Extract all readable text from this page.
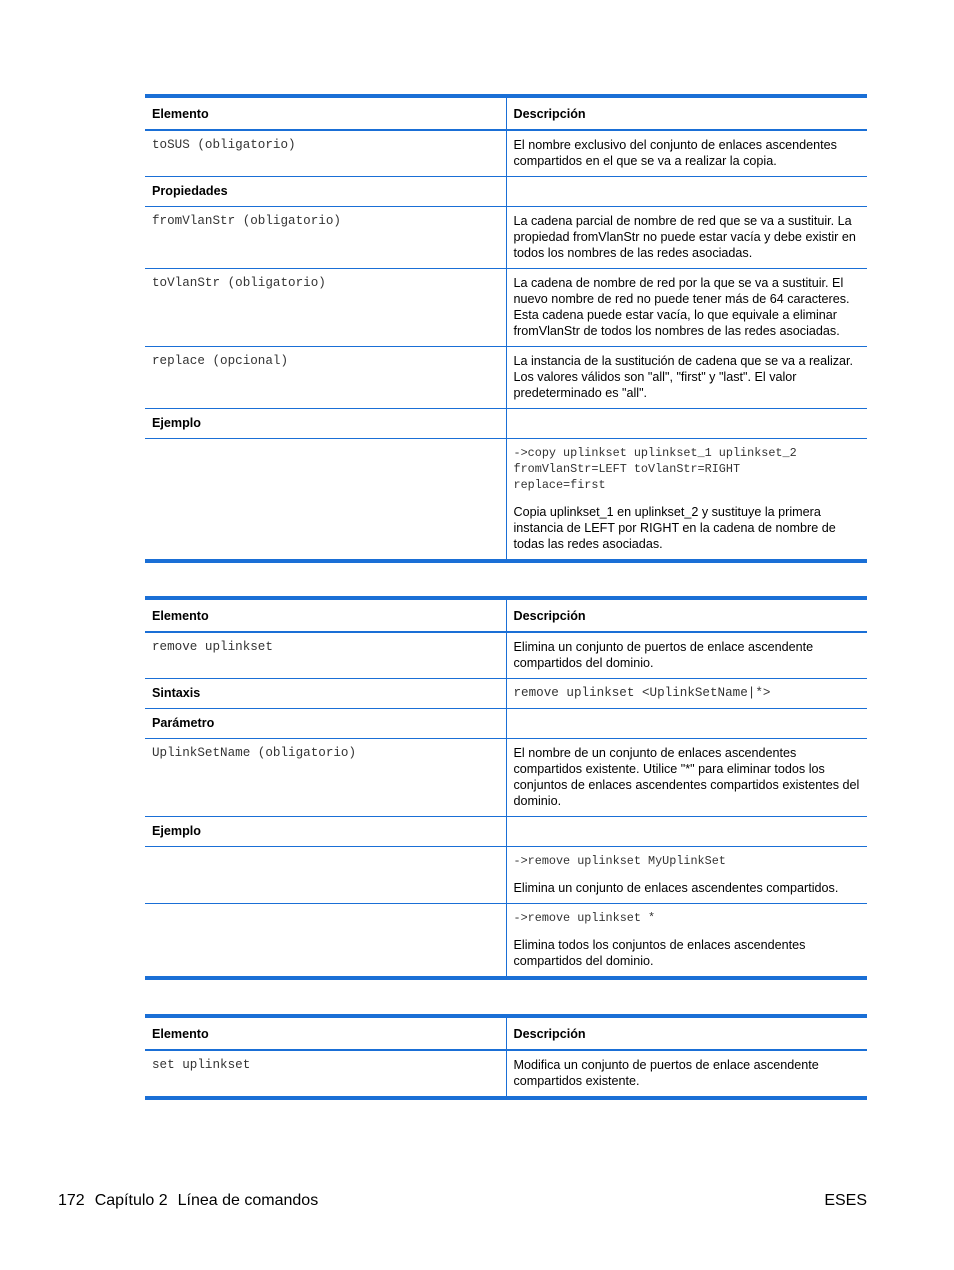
Elemento	Descripción
toSUS (obligatorio)	El nombre exclusivo del conjunto de enlaces ascendentes compartidos en el que se va a realizar la copia.
Propiedades	
fromVlanStr (obligatorio)	La cadena parcial de nombre de red que se va a sustituir. La propiedad fromVlanStr no puede estar vacía y debe existir en todos los nombres de las redes asociadas.
toVlanStr (obligatorio)	La cadena de nombre de red por la que se va a sustituir. El nuevo nombre de red no puede tener más de 64 caracteres. Esta cadena puede estar vacía, lo que equivale a eliminar fromVlanStr de todos los nombres de las redes asociadas.
replace (opcional)	La instancia de la sustitución de cadena que se va a realizar. Los valores válidos son "all", "first" y "last". El valor predeterminado es "all".
Ejemplo	

	->copy uplinkset uplinkset_1 uplinkset_2
fromVlanStr=LEFT toVlanStr=RIGHT
replace=first
Copia uplinkset_1 en uplinkset_2 y sustituye la primera instancia de LEFT por RIGHT en la cadena de nombre de todas las redes asociadas.
Elemento	Descripción
remove uplinkset	Elimina un conjunto de puertos de enlace ascendente compartidos del dominio.
Sintaxis	remove uplinkset <UplinkSetName|*>
Parámetro	
UplinkSetName (obligatorio)	El nombre de un conjunto de enlaces ascendentes compartidos existente. Utilice "*" para eliminar todos los conjuntos de enlaces ascendentes compartidos existentes del dominio.
Ejemplo	

	->remove uplinkset MyUplinkSet
Elimina un conjunto de enlaces ascendentes compartidos.

	->remove uplinkset *
Elimina todos los conjuntos de enlaces ascendentes compartidos del dominio.
Elemento	Descripción
set uplinkset	Modifica un conjunto de puertos de enlace ascendente compartidos existente.
172 Capítulo 2 Línea de comandos	ESES
